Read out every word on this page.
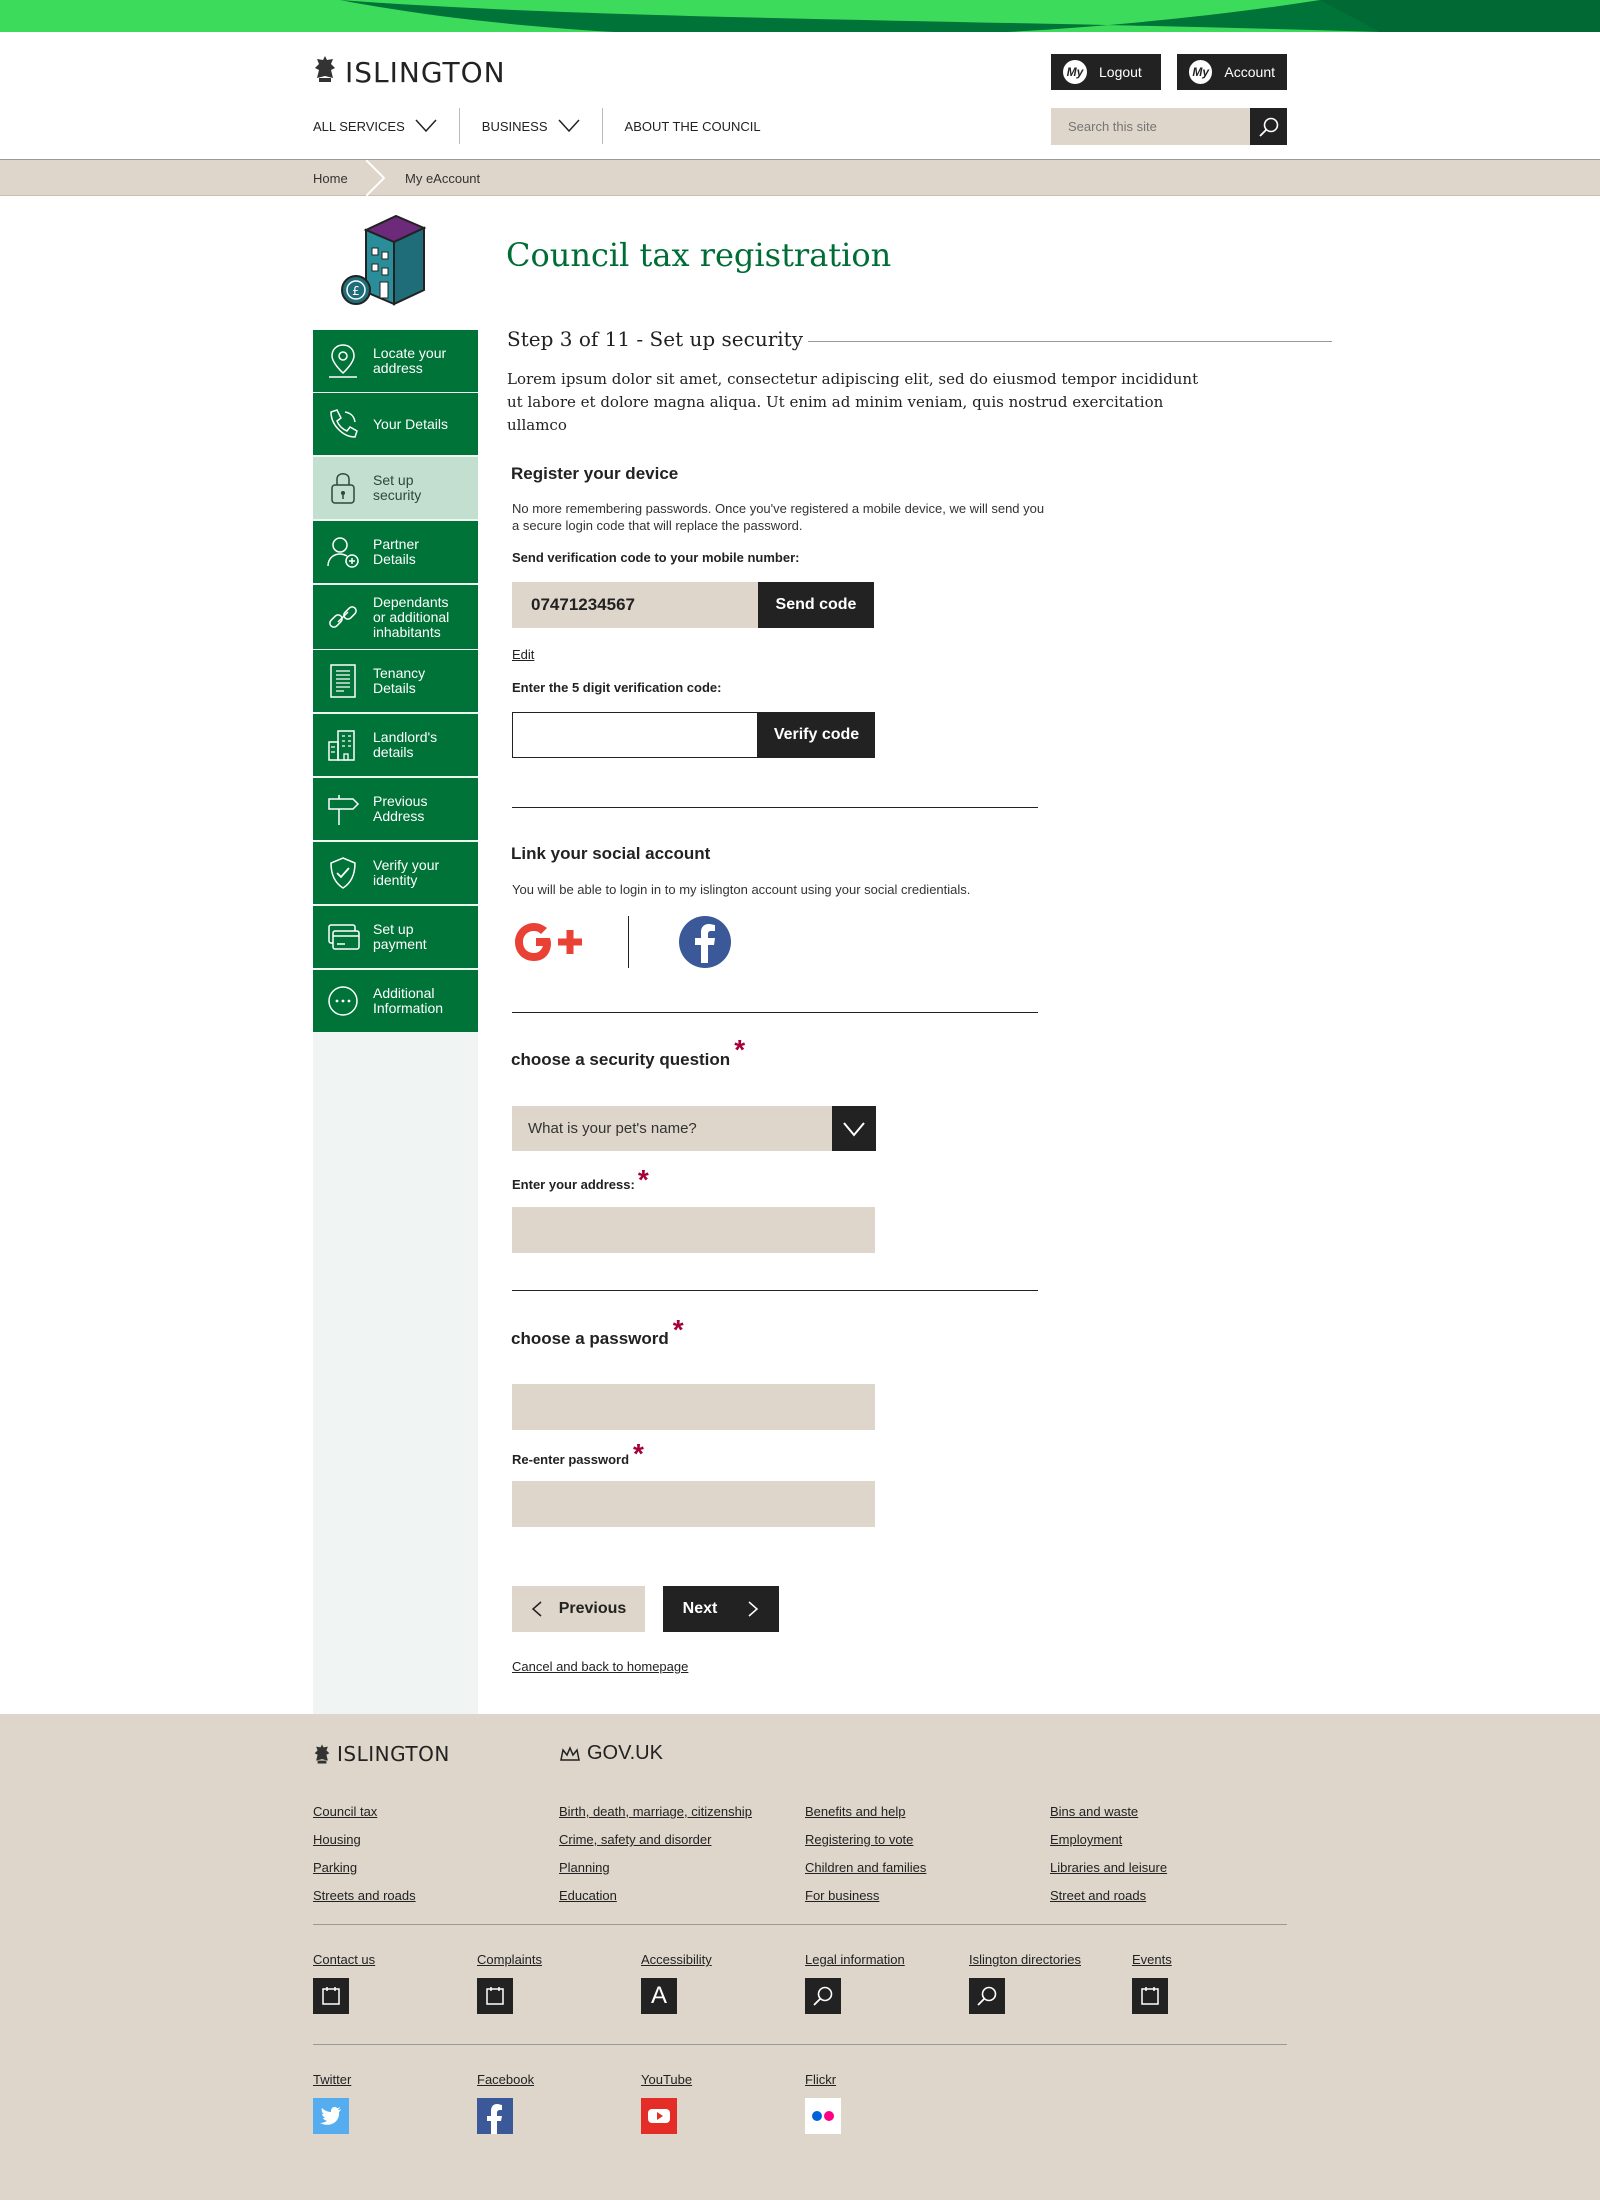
ISLINGTON	My Logout	My Account
ALL SERVICES	BUSINESS	ABOUT THE COUNCIL
Search this site
Home	My eAccount
£
Council tax registration
Locate your address
Your Details
Set up security
Partner Details
Dependants or additional inhabitants
Tenancy Details
Landlord's details
Previous Address
Verify your identity
Set up payment
Additional Information
Step 3 of 11 - Set up security
Lorem ipsum dolor sit amet, consectetur adipiscing elit, sed do eiusmod tempor incididunt ut labore et dolore magna aliqua. Ut enim ad minim veniam, quis nostrud exercitation ullamco
Register your device
No more remembering passwords. Once you've registered a mobile device, we will send you a secure login code that will replace the password.
Send verification code to your mobile number:
07471234567	Send code
Edit
Enter the 5 digit verification code:
Verify code
Link your social account
You will be able to login in to my islington account using your social credientials.
choose a security question *
What is your pet's name?
Enter your address: *
choose a password *
Re-enter password *
Previous	Next
Cancel and back to homepage
ISLINGTON	GOV.UK
Council tax
Housing
Parking
Streets and roads
Birth, death, marriage, citizenship
Crime, safety and disorder
Planning
Education
Benefits and help
Registering to vote
Children and families
For business
Bins and waste
Employment
Libraries and leisure
Street and roads
Contact us	Complaints	Accessibility
A
Legal information	Islington directories	Events
Twitter	Facebook	YouTube	Flickr
